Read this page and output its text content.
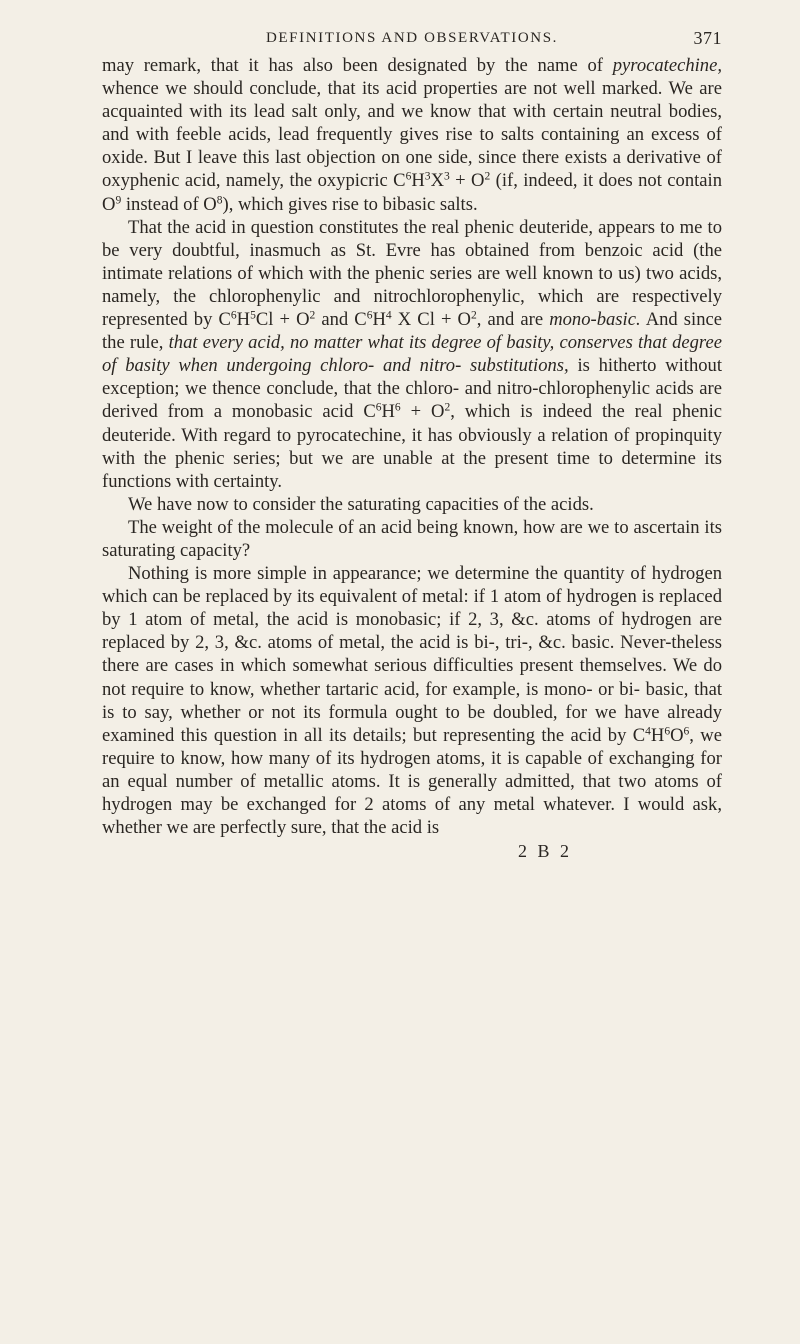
DEFINITIONS AND OBSERVATIONS.	371

may remark, that it has also been designated by the name of pyrocatechine, whence we should conclude, that its acid properties are not well marked. We are acquainted with its lead salt only, and we know that with certain neutral bodies, and with feeble acids, lead frequently gives rise to salts containing an excess of oxide. But I leave this last objection on one side, since there exists a derivative of oxyphenic acid, namely, the oxypicric $C^6H^3X^3 + O^2$ (if, indeed, it does not contain $O^9$ instead of $O^8$), which gives rise to bibasic salts.

That the acid in question constitutes the real phenic deuteride, appears to me to be very doubtful, inasmuch as St. Evre has obtained from benzoic acid (the intimate relations of which with the phenic series are well known to us) two acids, namely, the chlorophenylic and nitrochlorophenylic, which are respectively represented by $C^6H^5Cl + O^2$ and $C^6H^4$ X $Cl + O^2$, and are mono-basic. And since the rule, that every acid, no matter what its degree of basity, conserves that degree of basity when undergoing chloro- and nitro- substitutions, is hitherto without exception; we thence conclude, that the chloro- and nitro-chlorophenylic acids are derived from a monobasic acid $C^6H^6 + O^2$, which is indeed the real phenic deuteride. With regard to pyrocatechine, it has obviously a relation of propinquity with the phenic series; but we are unable at the present time to determine its functions with certainty.

We have now to consider the saturating capacities of the acids.

The weight of the molecule of an acid being known, how are we to ascertain its saturating capacity?

Nothing is more simple in appearance; we determine the quantity of hydrogen which can be replaced by its equivalent of metal: if 1 atom of hydrogen is replaced by 1 atom of metal, the acid is monobasic; if 2, 3, &c. atoms of hydrogen are replaced by 2, 3, &c. atoms of metal, the acid is bi-, tri-, &c. basic. Never-theless there are cases in which somewhat serious difficulties present themselves. We do not require to know, whether tartaric acid, for example, is mono- or bi- basic, that is to say, whether or not its formula ought to be doubled, for we have already examined this question in all its details; but representing the acid by $C^4H^6O^6$, we require to know, how many of its hydrogen atoms, it is capable of exchanging for an equal number of metallic atoms. It is generally admitted, that two atoms of hydrogen may be exchanged for 2 atoms of any metal whatever. I would ask, whether we are perfectly sure, that the acid is

2 B 2
